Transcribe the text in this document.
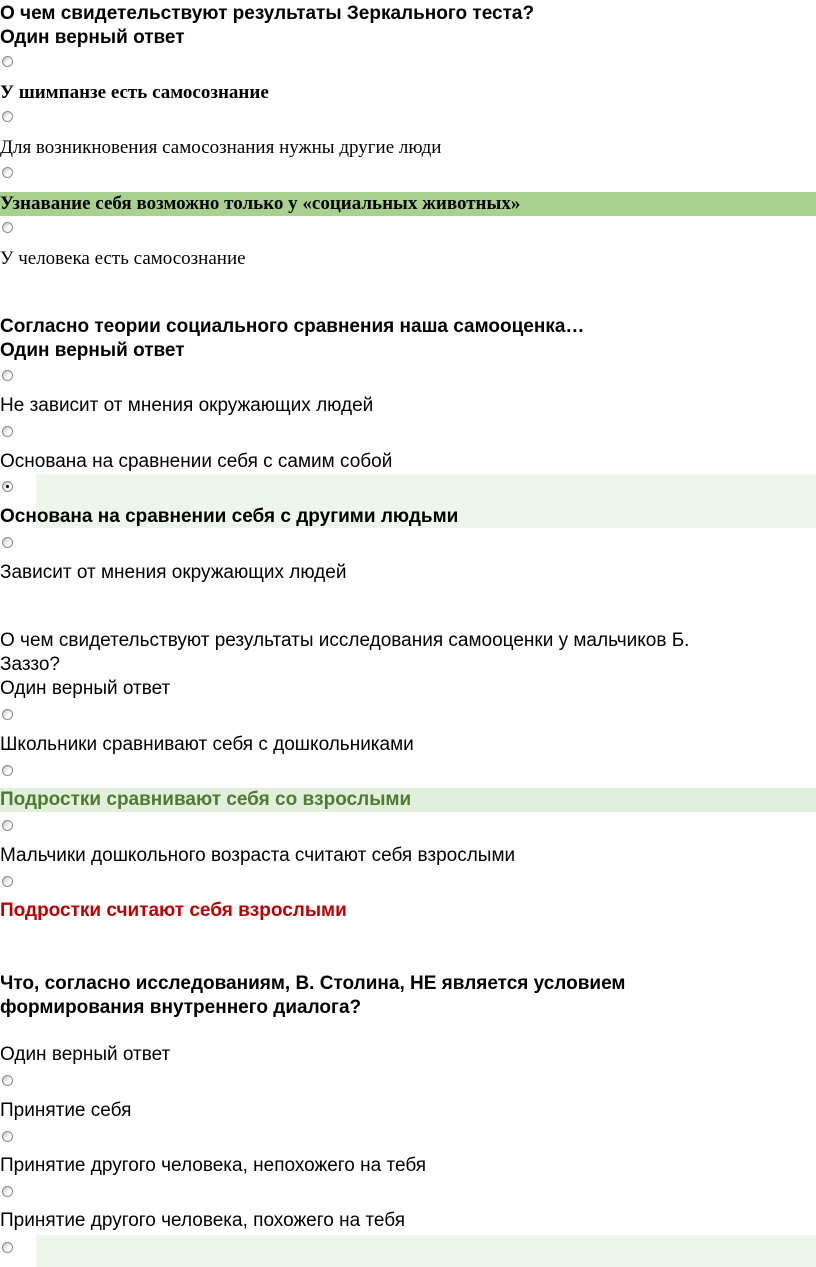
О чем свидетельствуют результаты Зеркального теста?
Один верный ответ
У шимпанзе есть самосознание
Для возникновения самосознания нужны другие люди
Узнавание себя возможно только у «социальных животных»
У человека есть самосознание
Согласно теории социального сравнения наша самооценка…
Один верный ответ
Не зависит от мнения окружающих людей
Основана на сравнении себя с самим собой
Основана на сравнении себя с другими людьми
Зависит от мнения окружающих людей
О чем свидетельствуют результаты исследования самооценки у мальчиков Б.
Заззо?
Один верный ответ
Школьники сравнивают себя с дошкольниками
Подростки сравнивают себя со взрослыми
Мальчики дошкольного возраста считают себя взрослыми
Подростки считают себя взрослыми
Что, согласно исследованиям, В. Столина, НЕ является условием
формирования внутреннего диалога?
Один верный ответ
Принятие себя
Принятие другого человека, непохожего на тебя
Принятие другого человека, похожего на тебя
